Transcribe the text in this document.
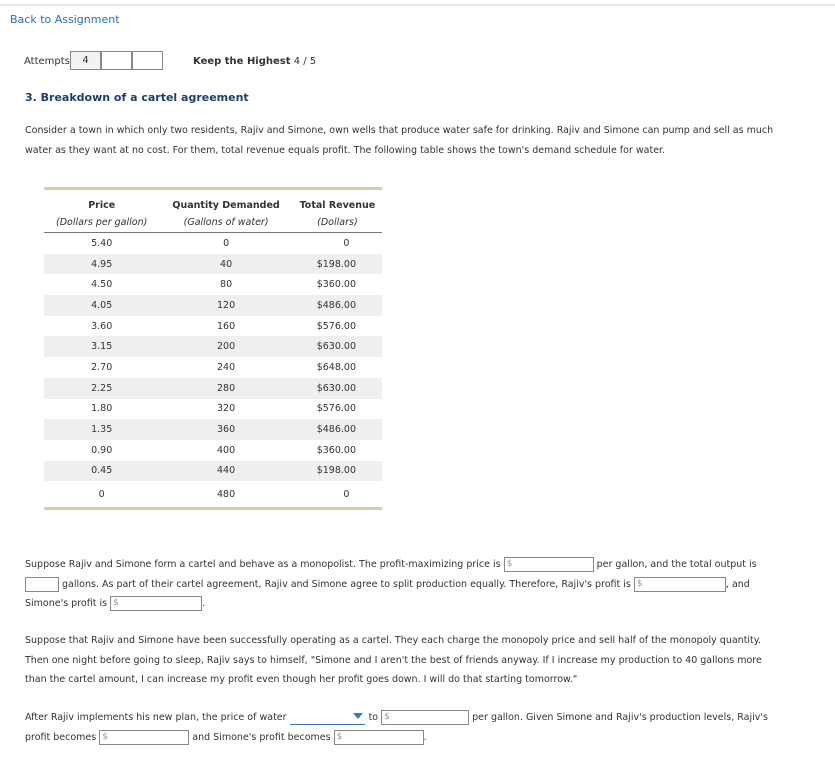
Back to Assignment
Attempts	4	Keep the Highest 4 / 5
3. Breakdown of a cartel agreement
Consider a town in which only two residents, Rajiv and Simone, own wells that produce water safe for drinking. Rajiv and Simone can pump and sell as much water as they want at no cost. For them, total revenue equals profit. The following table shows the town's demand schedule for water.
Price	Quantity Demanded	Total Revenue
(Dollars per gallon)	(Gallons of water)	(Dollars)
5.40	0	0
4.95	40	$198.00
4.50	80	$360.00
4.05	120	$486.00
3.60	160	$576.00
3.15	200	$630.00
2.70	240	$648.00
2.25	280	$630.00
1.80	320	$576.00
1.35	360	$486.00
0.90	400	$360.00
0.45	440	$198.00
0	480	0
Suppose Rajiv and Simone form a cartel and behave as a monopolist. The profit-maximizing price is $	per gallon, and the total output is  gallons. As part of their cartel agreement, Rajiv and Simone agree to split production equally. Therefore, Rajiv's profit is $	, and Simone's profit is $	.
Suppose that Rajiv and Simone have been successfully operating as a cartel. They each charge the monopoly price and sell half of the monopoly quantity. Then one night before going to sleep, Rajiv says to himself, "Simone and I aren't the best of friends anyway. If I increase my production to 40 gallons more than the cartel amount, I can increase my profit even though her profit goes down. I will do that starting tomorrow."
After Rajiv implements his new plan, the price of water	to $	per gallon. Given Simone and Rajiv's production levels, Rajiv's profit becomes $	and Simone's profit becomes $	.
